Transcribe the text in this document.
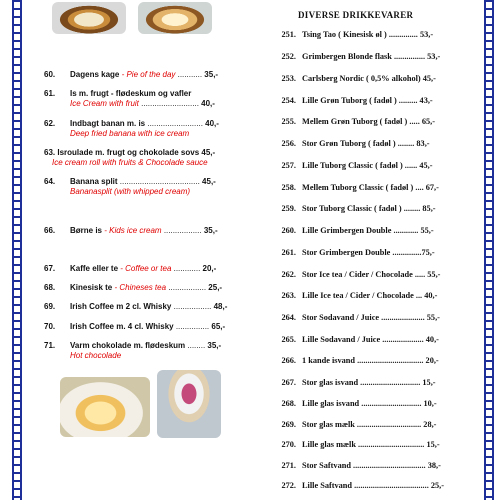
60. Dagens kage - Pie of the day ........... 35,-
61. Is m. frugt - flødeskum og vafler
Ice Cream with fruit .......................... 40,-
62. Indbagt banan m. is ......................... 40,-
Deep fried banana with ice cream
63. Isroulade m. frugt og chokolade sovs 45,-
Ice cream roll with fruits & Chocolade sauce
64. Banana split .................................... 45,-
Bananasplit (with whipped cream)
66. Børne is - Kids ice cream ................. 35,-
67. Kaffe eller te - Coffee or tea ............ 20,-
68. Kinesisk te - Chineses tea ................. 25,-
69. Irish Coffee m 2 cl. Whisky ................. 48,-
70. Irish Coffee m. 4 cl. Whisky ............... 65,-
71. Varm chokolade m. flødeskum ........ 35,-
Hot chocolade
DIVERSE DRIKKEVARER
251. Tsing Tao ( Kinesisk øl ) .............. 53,-
252. Grimbergen Blonde flask ............... 53,-
253. Carlsberg Nordic ( 0,5% alkohol) 45,-
254. Lille Grøn Tuborg ( fadøl ) ......... 43,-
255. Mellem Grøn Tuborg ( fadøl ) ..... 65,-
256. Stor Grøn Tuborg ( fadøl ) ........ 83,-
257. Lille Tuborg Classic ( fadøl ) ...... 45,-
258. Mellem Tuborg Classic ( fadøl ) .... 67,-
259. Stor Tuborg Classic ( fadøl ) ........ 85,-
260. Lille Grimbergen Double ............ 55,-
261. Stor Grimbergen Double ..............75,-
262. Stor Ice tea / Cider / Chocolade ..... 55,-
263. Lille Ice tea / Cider / Chocolade ... 40,-
264. Stor Sodavand / Juice ..................... 55,-
265. Lille Sodavand / Juice .................... 40,-
266. 1 kande isvand ................................ 20,-
267. Stor glas isvand ............................. 15,-
268. Lille glas isvand ............................. 10,-
269. Stor glas mælk ............................... 28,-
270. Lille glas mælk ................................ 15,-
271. Stor Saftvand ................................... 38,-
272. Lille Saftvand .................................... 25,-
